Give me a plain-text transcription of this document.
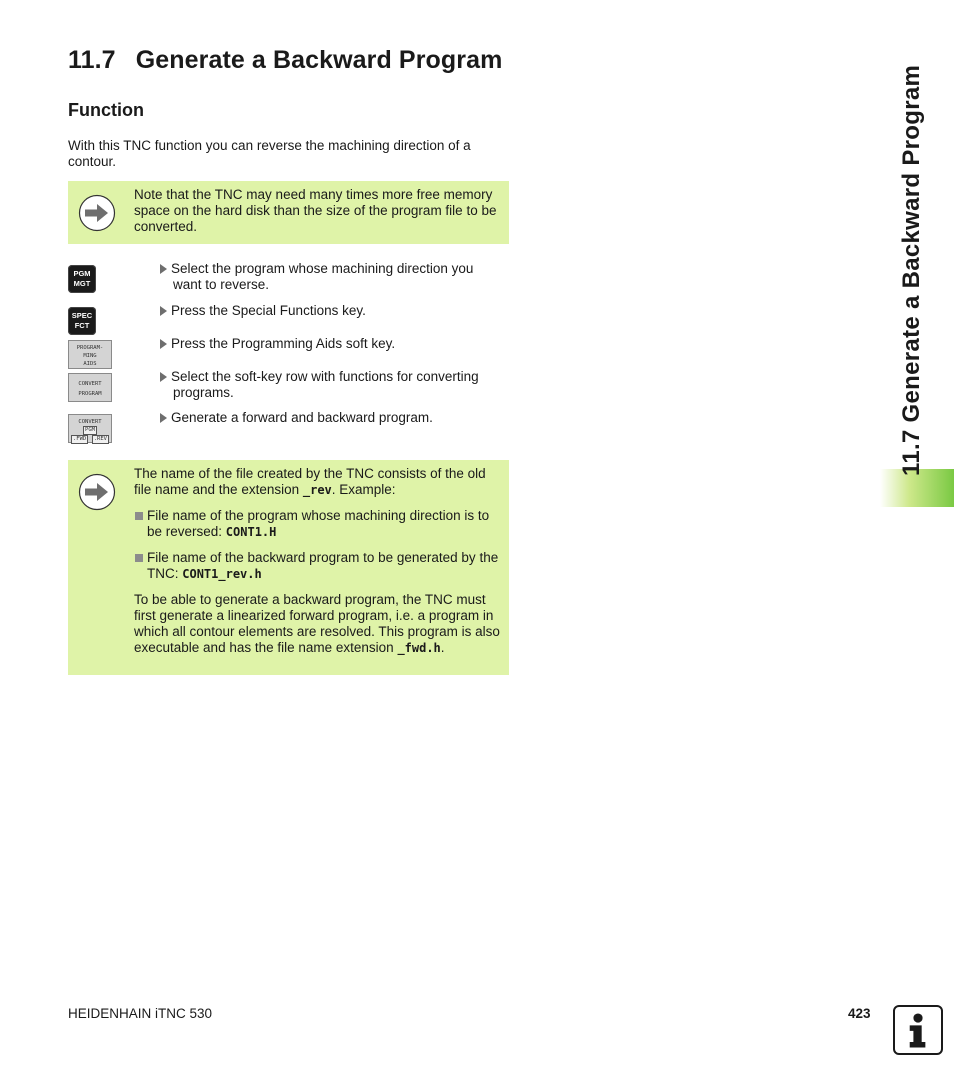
11.7 Generate a Backward Program
Function
With this TNC function you can reverse the machining direction of a contour.
Note that the TNC may need many times more free memory space on the hard disk than the size of the program file to be converted.
PGM
MGT
Select the program whose machining direction you
want to reverse.
SPEC
FCT
Press the Special Functions key.
PROGRAM-
MING
AIDS
Press the Programming Aids soft key.
CONVERT
PROGRAM
Select the soft-key row with functions for converting
programs.
CONVERT
PGM
.FWD	.REV
Generate a forward and backward program.

The name of the file created by the TNC consists of the old file name and the extension _rev. Example:

File name of the program whose machining direction is to be reversed: CONT1.H
File name of the backward program to be generated by the TNC: CONT1_rev.h

To be able to generate a backward program, the TNC must first generate a linearized forward program, i.e. a program in which all contour elements are resolved. This program is also executable and has the file name extension _fwd.h.

11.7 Generate a Backward Program
HEIDENHAIN iTNC 530	423
